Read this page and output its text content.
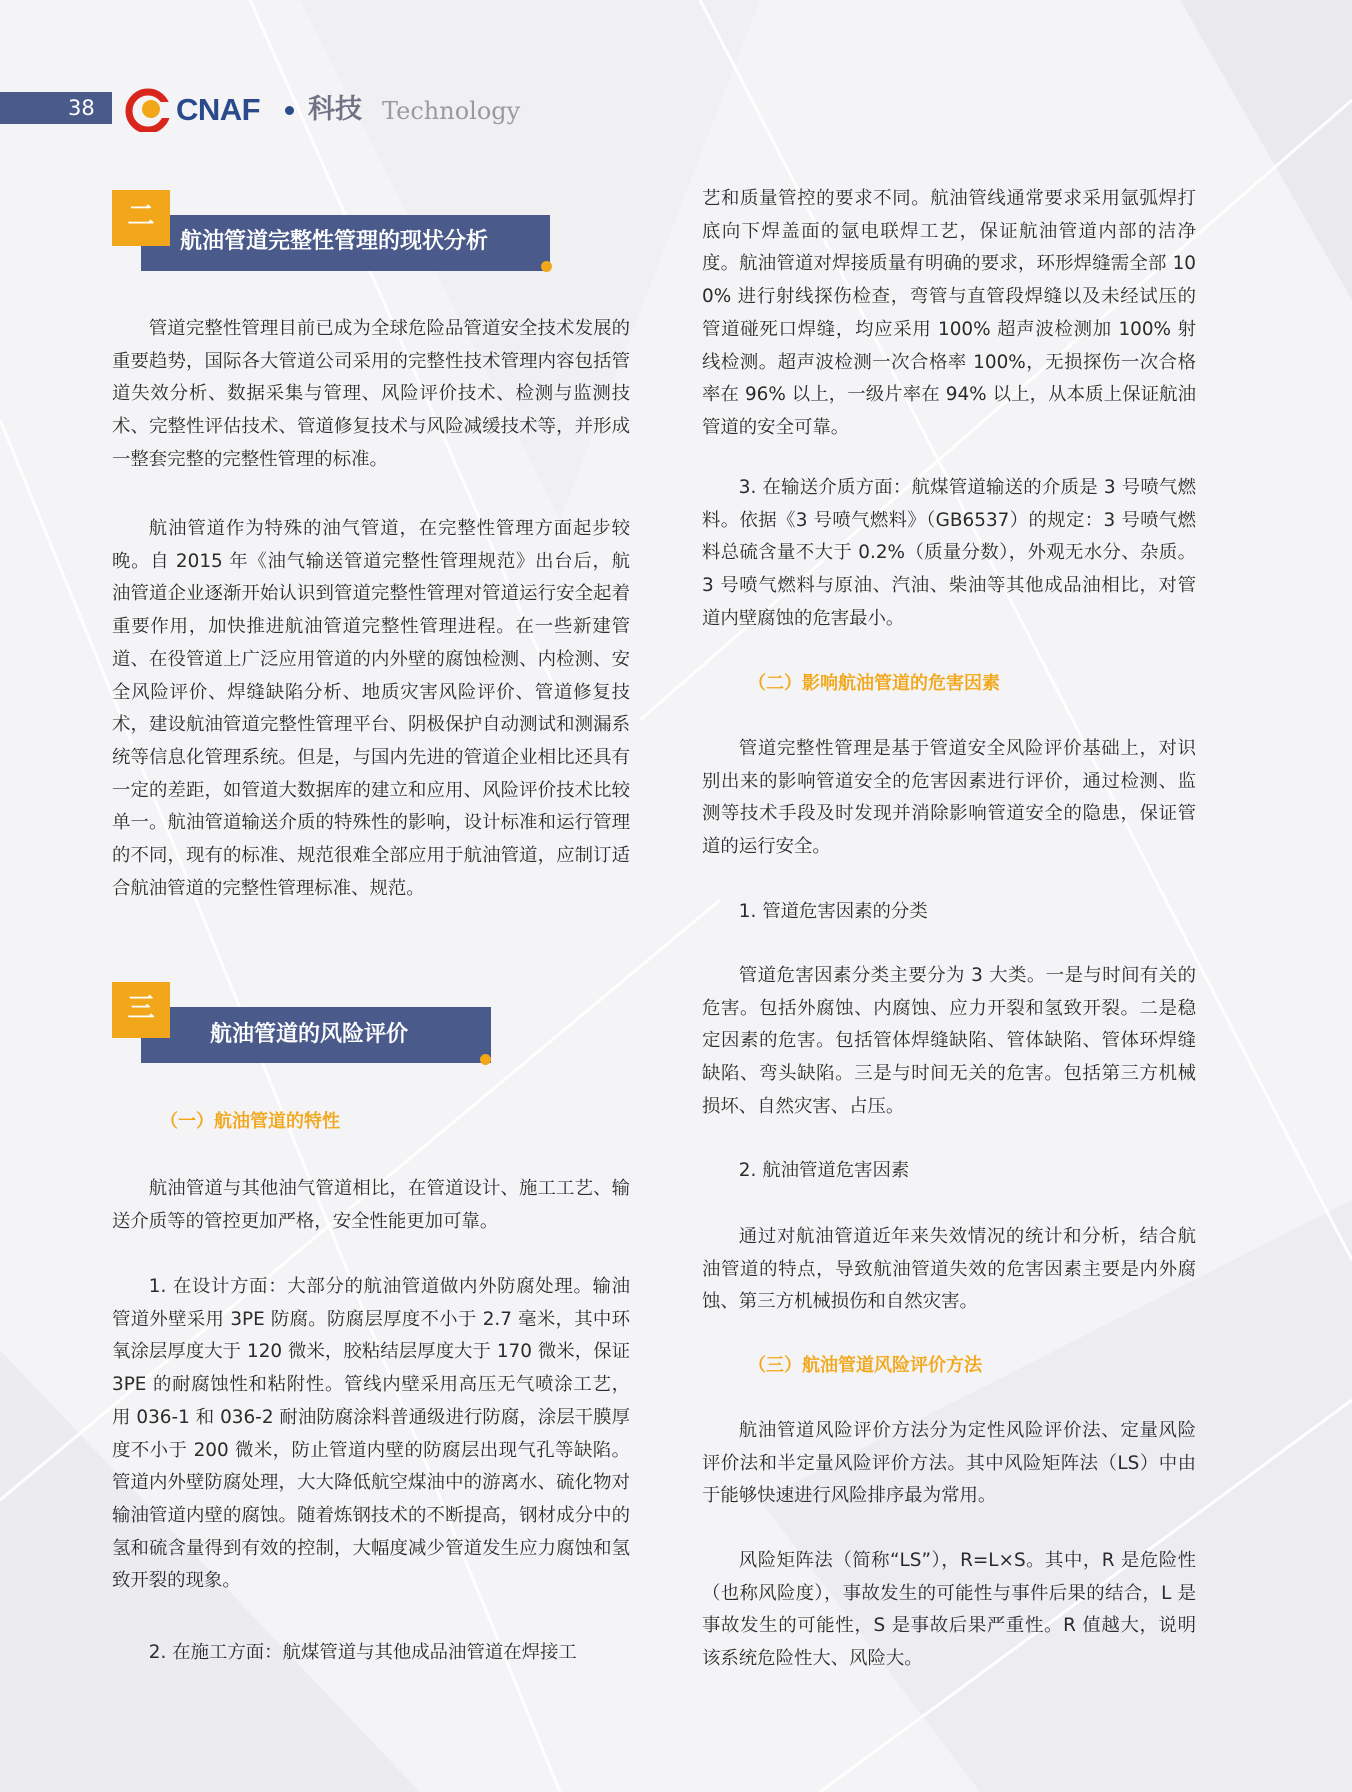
38	CNAF 科技 Technology
二
航油管道完整性管理的现状分析

管道完整性管理目前已成为全球危险品管道安全技术发展的重要趋势，国际各大管道公司采用的完整性技术管理内容包括管道失效分析、数据采集与管理、风险评价技术、检测与监测技术、完整性评估技术、管道修复技术与风险减缓技术等，并形成一整套完整的完整性管理的标准。

航油管道作为特殊的油气管道，在完整性管理方面起步较晚。自 2015 年《油气输送管道完整性管理规范》出台后，航油管道企业逐渐开始认识到管道完整性管理对管道运行安全起着重要作用，加快推进航油管道完整性管理进程。在一些新建管道、在役管道上广泛应用管道的内外壁的腐蚀检测、内检测、安全风险评价、焊缝缺陷分析、地质灾害风险评价、管道修复技术，建设航油管道完整性管理平台、阴极保护自动测试和测漏系统等信息化管理系统。但是，与国内先进的管道企业相比还具有一定的差距，如管道大数据库的建立和应用、风险评价技术比较单一。航油管道输送介质的特殊性的影响，设计标准和运行管理的不同，现有的标准、规范很难全部应用于航油管道，应制订适合航油管道的完整性管理标准、规范。

三
航油管道的风险评价
（一）航油管道的特性

航油管道与其他油气管道相比，在管道设计、施工工艺、输送介质等的管控更加严格，安全性能更加可靠。

1. 在设计方面：大部分的航油管道做内外防腐处理。输油管道外壁采用 3PE 防腐。防腐层厚度不小于 2.7 毫米，其中环氧涂层厚度大于 120 微米，胶粘结层厚度大于 170 微米，保证 3PE 的耐腐蚀性和粘附性。管线内壁采用高压无气喷涂工艺，用 036-1 和 036-2 耐油防腐涂料普通级进行防腐，涂层干膜厚度不小于 200 微米，防止管道内壁的防腐层出现气孔等缺陷。管道内外壁防腐处理，大大降低航空煤油中的游离水、硫化物对输油管道内壁的腐蚀。随着炼钢技术的不断提高，钢材成分中的氢和硫含量得到有效的控制，大幅度减少管道发生应力腐蚀和氢致开裂的现象。

2. 在施工方面：航煤管道与其他成品油管道在焊接工

艺和质量管控的要求不同。航油管线通常要求采用氩弧焊打底向下焊盖面的氩电联焊工艺，保证航油管道内部的洁净度。航油管道对焊接质量有明确的要求，环形焊缝需全部 100% 进行射线探伤检查，弯管与直管段焊缝以及未经试压的管道碰死口焊缝，均应采用 100% 超声波检测加 100% 射线检测。超声波检测一次合格率 100%，无损探伤一次合格率在 96% 以上，一级片率在 94% 以上，从本质上保证航油管道的安全可靠。

3. 在输送介质方面：航煤管道输送的介质是 3 号喷气燃料。依据《3 号喷气燃料》（GB6537）的规定：3 号喷气燃料总硫含量不大于 0.2%（质量分数），外观无水分、杂质。3 号喷气燃料与原油、汽油、柴油等其他成品油相比，对管道内壁腐蚀的危害最小。

（二）影响航油管道的危害因素

管道完整性管理是基于管道安全风险评价基础上，对识别出来的影响管道安全的危害因素进行评价，通过检测、监测等技术手段及时发现并消除影响管道安全的隐患，保证管道的运行安全。

1. 管道危害因素的分类

管道危害因素分类主要分为 3 大类。一是与时间有关的危害。包括外腐蚀、内腐蚀、应力开裂和氢致开裂。二是稳定因素的危害。包括管体焊缝缺陷、管体缺陷、管体环焊缝缺陷、弯头缺陷。三是与时间无关的危害。包括第三方机械损坏、自然灾害、占压。

2. 航油管道危害因素

通过对航油管道近年来失效情况的统计和分析，结合航油管道的特点，导致航油管道失效的危害因素主要是内外腐蚀、第三方机械损伤和自然灾害。

（三）航油管道风险评价方法

航油管道风险评价方法分为定性风险评价法、定量风险评价法和半定量风险评价方法。其中风险矩阵法（LS）中由于能够快速进行风险排序最为常用。

风险矩阵法（简称“LS”），R=L×S。其中，R 是危险性（也称风险度），事故发生的可能性与事件后果的结合，L 是事故发生的可能性，S 是事故后果严重性。R 值越大，说明该系统危险性大、风险大。
